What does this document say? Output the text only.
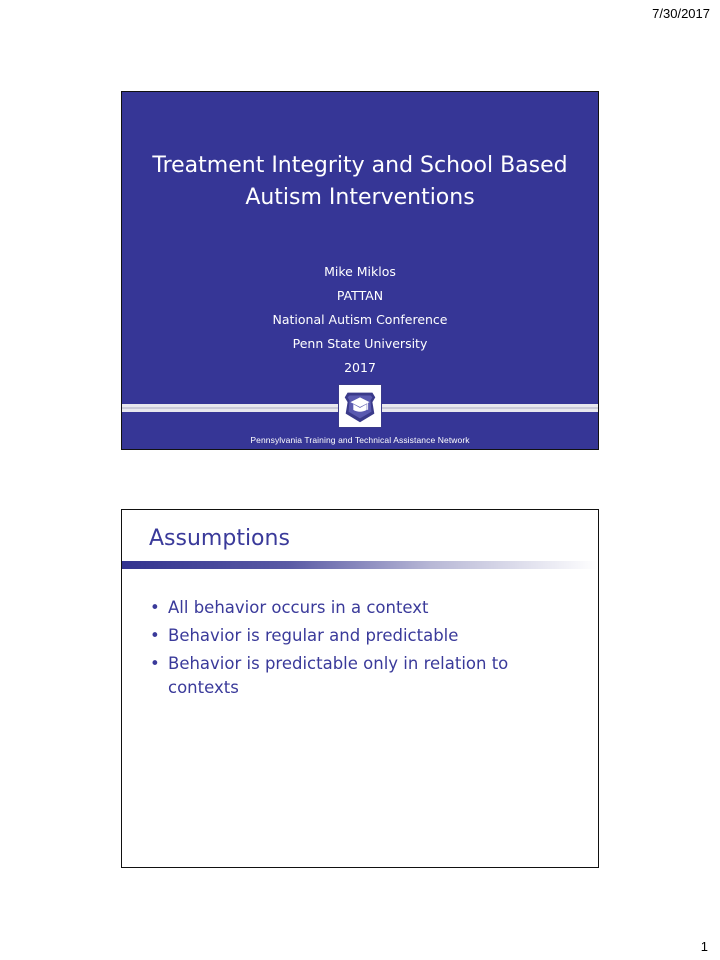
7/30/2017
Treatment Integrity and School Based
Autism Interventions
Mike Miklos
PATTAN
National Autism Conference
Penn State University
2017
Pennsylvania Training and Technical Assistance Network
Assumptions
• All behavior occurs in a context
• Behavior is regular and predictable
• Behavior is predictable only in relation to contexts
1
